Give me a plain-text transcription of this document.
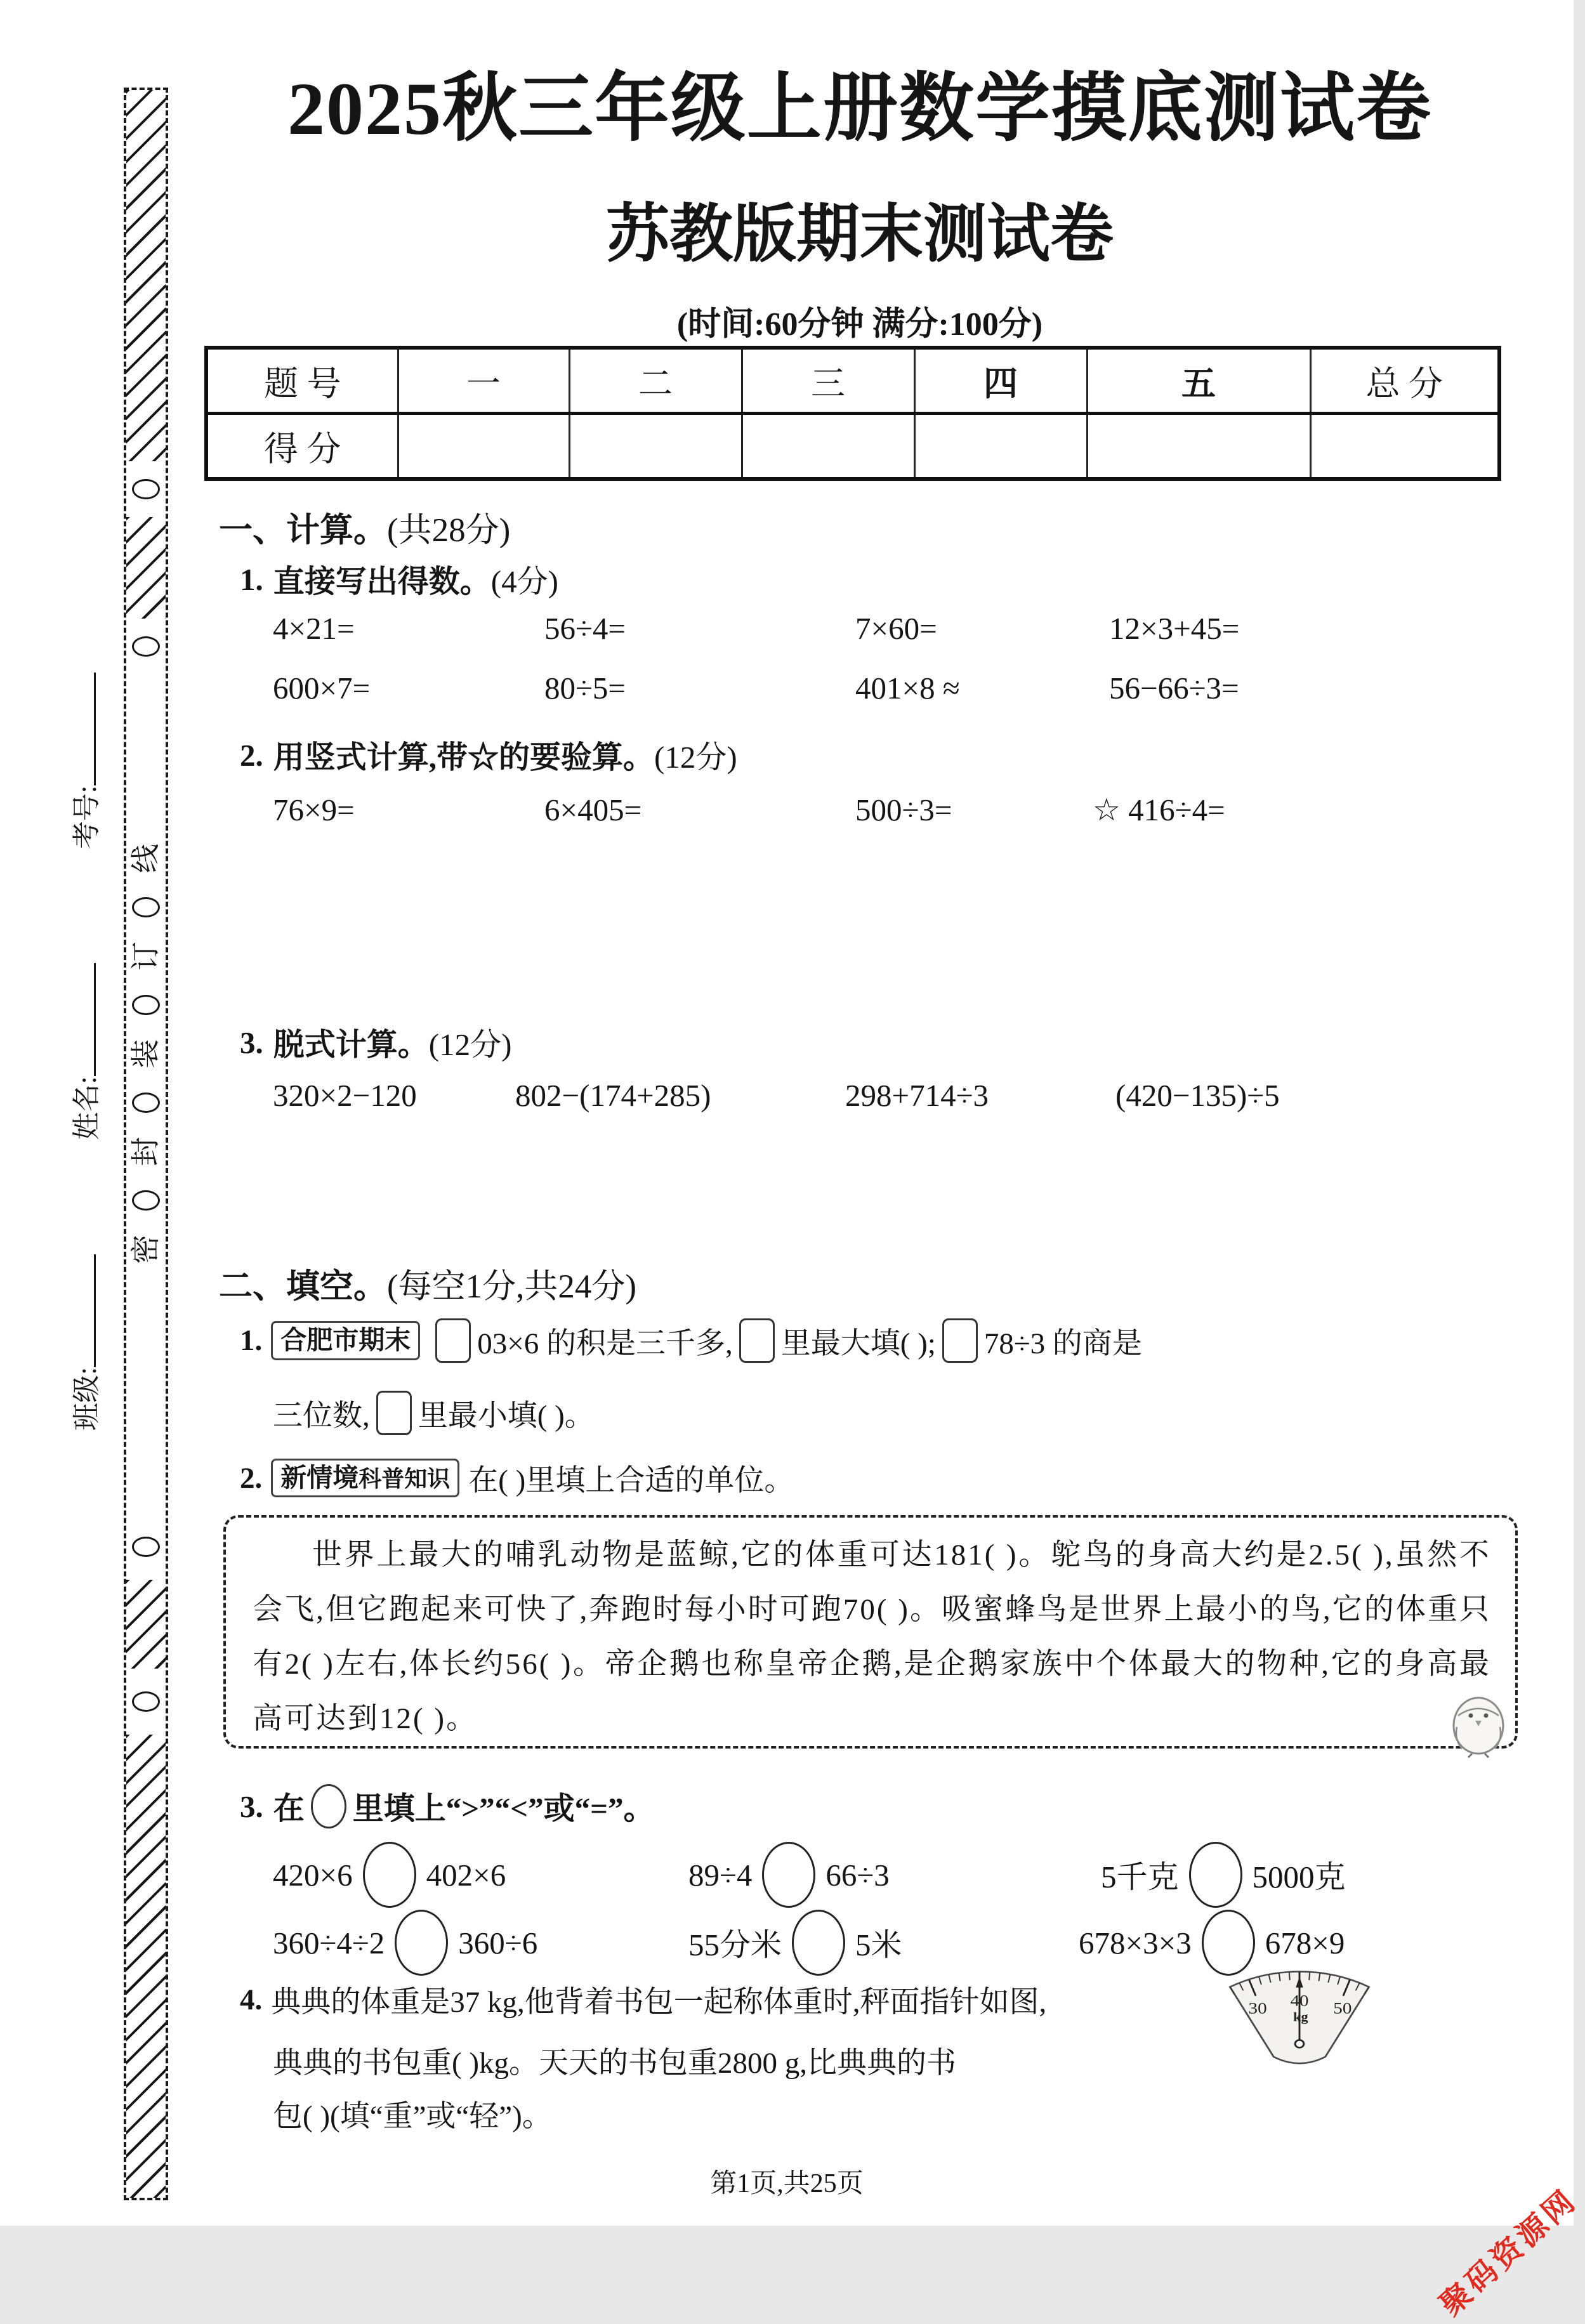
线
订
装
封
密
班级:
姓名:
考号:
2025秋三年级上册数学摸底测试卷
苏教版期末测试卷
(时间:60分钟 满分:100分)
题 号	一	二	三	四	五	总 分
得 分						
一、计算。(共28分)
1. 直接写出得数。 (4分)
4×21=	56÷4=	7×60=	12×3+45=
600×7=	80÷5=	401×8 ≈	56−66÷3=
2. 用竖式计算,带☆的要验算。 (12分)
76×9=	6×405=	500÷3=	☆ 416÷4=
3. 脱式计算。 (12分)
320×2−120	802−(174+285)	298+714÷3	(420−135)÷5
二、填空。(每空1分,共24分)
1. 合肥市期末	03×6 的积是三千多, 里最大填( ); 78÷3 的商是
三位数, 里最小填( )。
2. 新情境科普知识 在( )里填上合适的单位。
世界上最大的哺乳动物是蓝鲸,它的体重可达181( )。鸵鸟的身高大约是2.5( ),虽然不会飞,但它跑起来可快了,奔跑时每小时可跑70( )。吸蜜蜂鸟是世界上最小的鸟,它的体重只有2( )左右,体长约56( )。帝企鹅也称皇帝企鹅,是企鹅家族中个体最大的物种,它的身高最高可达到12( )。
3. 在 里填上“>”“<”或“=”。
420×6 402×6	89÷4 66÷3	5千克 5000克
360÷4÷2 360÷6	55分米 5米	678×3×3 678×9
4. 典典的体重是37 kg,他背着书包一起称体重时,秤面指针如图,
典典的书包重( )kg。天天的书包重2800 g,比典典的书
包( )(填“重”或“轻”)。
30 40 50
kg
第1页,共25页	聚码资源网
